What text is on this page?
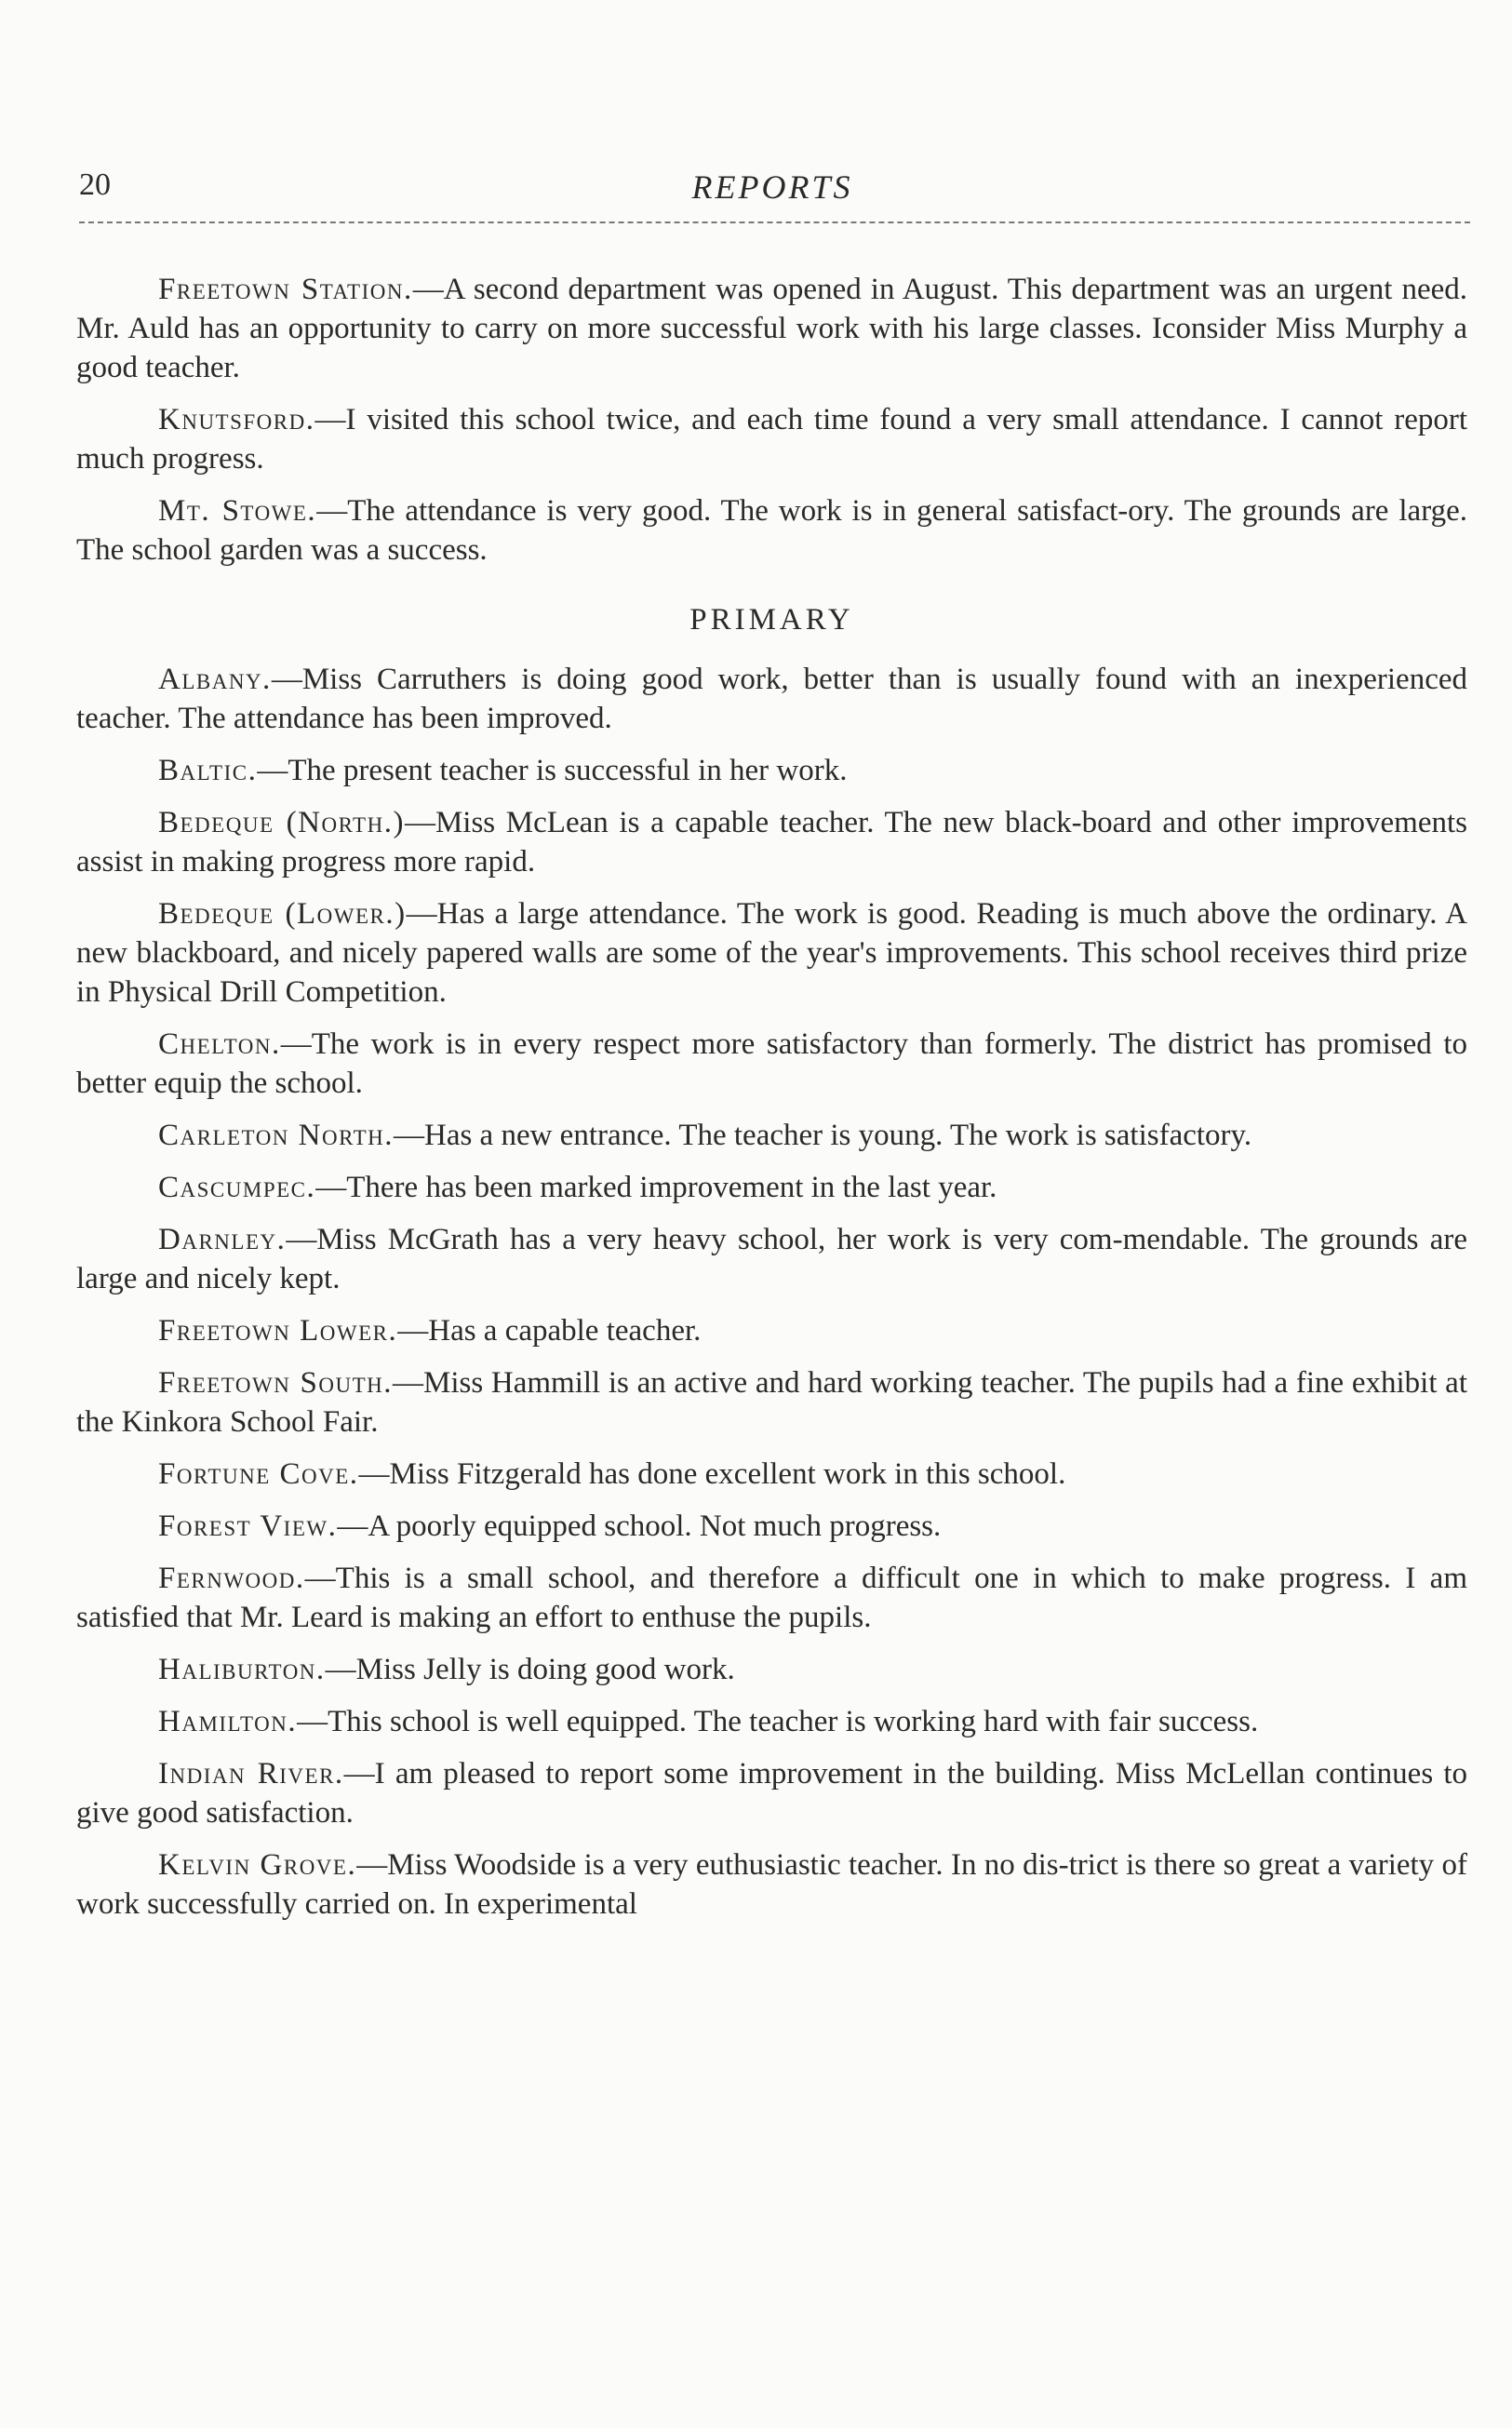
20	REPORTS

Freetown Station.—A second department was opened in August. This department was an urgent need. Mr. Auld has an opportunity to carry on more successful work with his large classes. Iconsider Miss Murphy a good teacher.

Knutsford.—I visited this school twice, and each time found a very small attendance. I cannot report much progress.

Mt. Stowe.—The attendance is very good. The work is in general satisfact-ory. The grounds are large. The school garden was a success.

PRIMARY

Albany.—Miss Carruthers is doing good work, better than is usually found with an inexperienced teacher. The attendance has been improved.

Baltic.—The present teacher is successful in her work.

Bedeque (North.)—Miss McLean is a capable teacher. The new black-board and other improvements assist in making progress more rapid.

Bedeque (Lower.)—Has a large attendance. The work is good. Reading is much above the ordinary. A new blackboard, and nicely papered walls are some of the year's improvements. This school receives third prize in Physical Drill Competition.

Chelton.—The work is in every respect more satisfactory than formerly. The district has promised to better equip the school.

Carleton North.—Has a new entrance. The teacher is young. The work is satisfactory.

Cascumpec.—There has been marked improvement in the last year.

Darnley.—Miss McGrath has a very heavy school, her work is very com-mendable. The grounds are large and nicely kept.

Freetown Lower.—Has a capable teacher.

Freetown South.—Miss Hammill is an active and hard working teacher. The pupils had a fine exhibit at the Kinkora School Fair.

Fortune Cove.—Miss Fitzgerald has done excellent work in this school.

Forest View.—A poorly equipped school. Not much progress.

Fernwood.—This is a small school, and therefore a difficult one in which to make progress. I am satisfied that Mr. Leard is making an effort to enthuse the pupils.

Haliburton.—Miss Jelly is doing good work.

Hamilton.—This school is well equipped. The teacher is working hard with fair success.

Indian River.—I am pleased to report some improvement in the building. Miss McLellan continues to give good satisfaction.

Kelvin Grove.—Miss Woodside is a very euthusiastic teacher. In no dis-trict is there so great a variety of work successfully carried on. In experimental
